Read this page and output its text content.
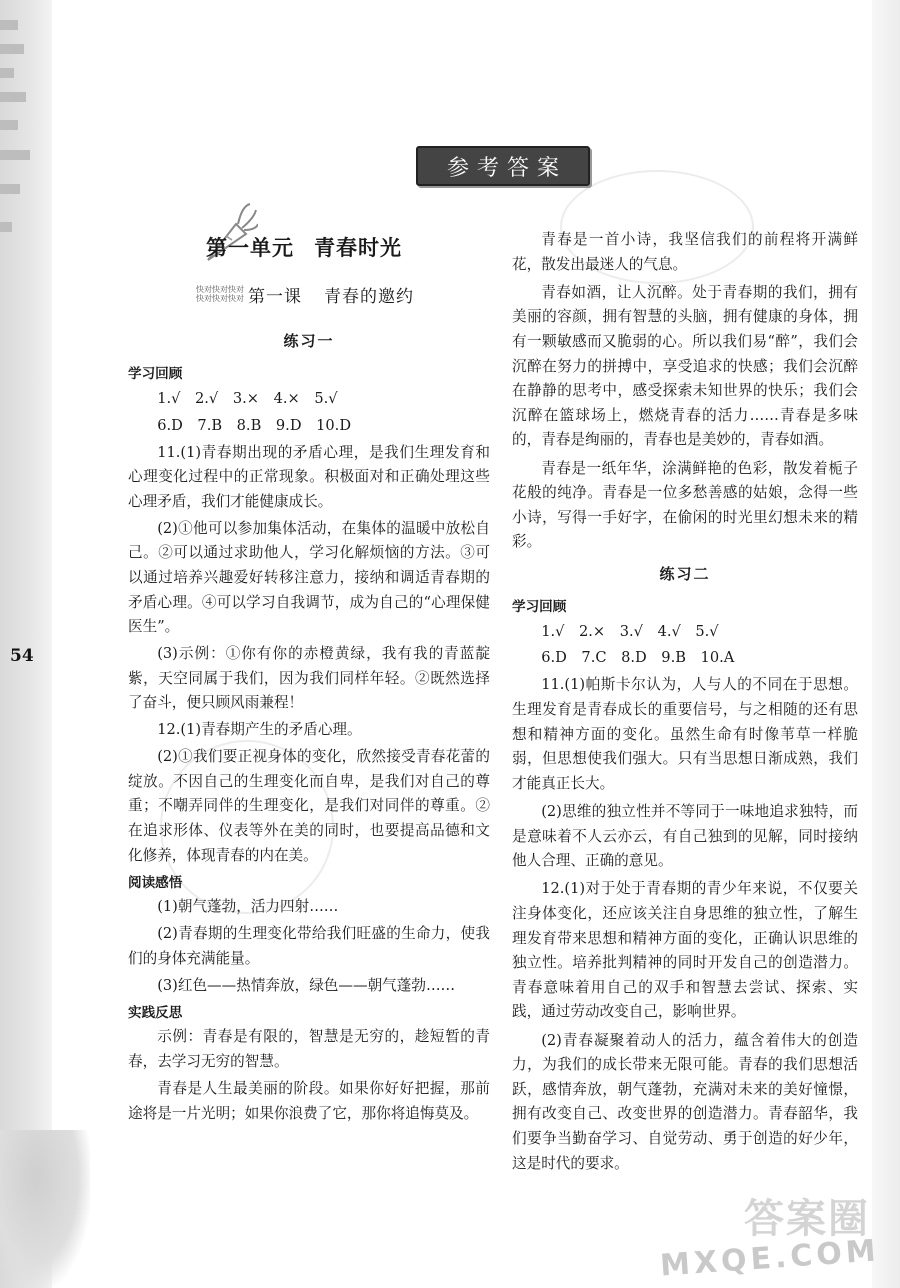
54
参考答案
第一单元 青春时光
快对快对快对 快对快对快对 第一课 青春的邀约
练习一
学习回顾

1.√　2.√　3.×　4.×　5.√

6.D　7.B　8.B　9.D　10.D

11.(1)青春期出现的矛盾心理，是我们生理发育和心理变化过程中的正常现象。积极面对和正确处理这些心理矛盾，我们才能健康成长。

(2)①他可以参加集体活动，在集体的温暖中放松自己。②可以通过求助他人，学习化解烦恼的方法。③可以通过培养兴趣爱好转移注意力，接纳和调适青春期的矛盾心理。④可以学习自我调节，成为自己的“心理保健医生”。

(3)示例：①你有你的赤橙黄绿，我有我的青蓝靛紫，天空同属于我们，因为我们同样年轻。②既然选择了奋斗，便只顾风雨兼程！

12.(1)青春期产生的矛盾心理。

(2)①我们要正视身体的变化，欣然接受青春花蕾的绽放。不因自己的生理变化而自卑，是我们对自己的尊重；不嘲弄同伴的生理变化，是我们对同伴的尊重。②在追求形体、仪表等外在美的同时，也要提高品德和文化修养，体现青春的内在美。

阅读感悟

(1)朝气蓬勃，活力四射……

(2)青春期的生理变化带给我们旺盛的生命力，使我们的身体充满能量。

(3)红色——热情奔放，绿色——朝气蓬勃……

实践反思

示例：青春是有限的，智慧是无穷的，趁短暂的青春，去学习无穷的智慧。

青春是人生最美丽的阶段。如果你好好把握，那前途将是一片光明；如果你浪费了它，那你将追悔莫及。

青春是一首小诗，我坚信我们的前程将开满鲜花，散发出最迷人的气息。

青春如酒，让人沉醉。处于青春期的我们，拥有美丽的容颜，拥有智慧的头脑，拥有健康的身体，拥有一颗敏感而又脆弱的心。所以我们易“醉”，我们会沉醉在努力的拼搏中，享受追求的快感；我们会沉醉在静静的思考中，感受探索未知世界的快乐；我们会沉醉在篮球场上，燃烧青春的活力……青春是多味的，青春是绚丽的，青春也是美妙的，青春如酒。

青春是一纸年华，涂满鲜艳的色彩，散发着栀子花般的纯净。青春是一位多愁善感的姑娘，念得一些小诗，写得一手好字，在偷闲的时光里幻想未来的精彩。

练习二
学习回顾

1.√　2.×　3.√　4.√　5.√

6.D　7.C　8.D　9.B　10.A

11.(1)帕斯卡尔认为，人与人的不同在于思想。生理发育是青春成长的重要信号，与之相随的还有思想和精神方面的变化。虽然生命有时像苇草一样脆弱，但思想使我们强大。只有当思想日渐成熟，我们才能真正长大。

(2)思维的独立性并不等同于一味地追求独特，而是意味着不人云亦云，有自己独到的见解，同时接纳他人合理、正确的意见。

12.(1)对于处于青春期的青少年来说，不仅要关注身体变化，还应该关注自身思维的独立性，了解生理发育带来思想和精神方面的变化，正确认识思维的独立性。培养批判精神的同时开发自己的创造潜力。青春意味着用自己的双手和智慧去尝试、探索、实践，通过劳动改变自己，影响世界。

(2)青春凝聚着动人的活力，蕴含着伟大的创造力，为我们的成长带来无限可能。青春的我们思想活跃，感情奔放，朝气蓬勃，充满对未来的美好憧憬，拥有改变自己、改变世界的创造潜力。青春韶华，我们要争当勤奋学习、自觉劳动、勇于创造的好少年，这是时代的要求。

答案圈
MXQE.COM
